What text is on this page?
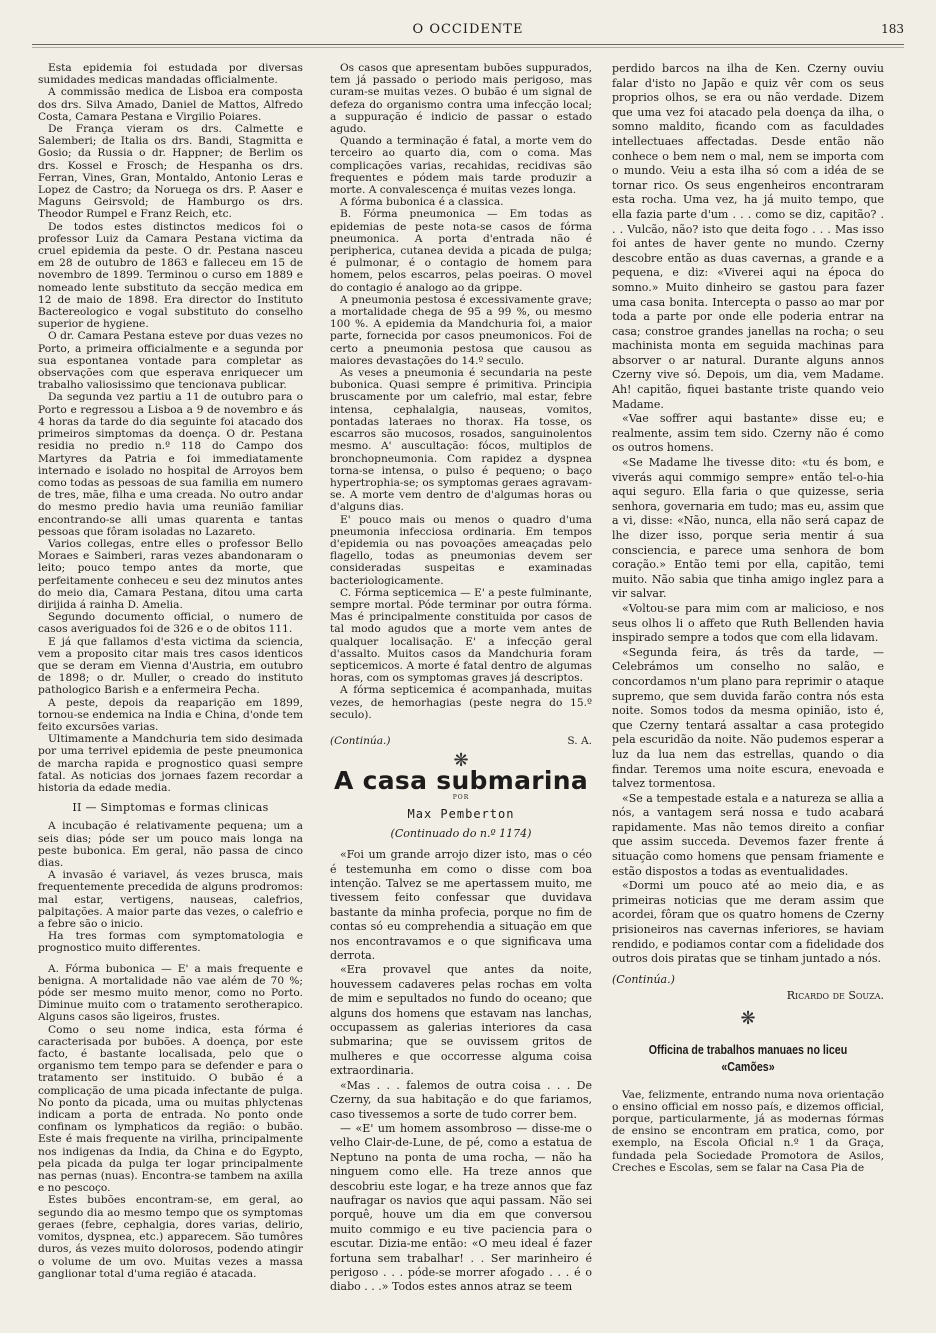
O OCCIDENTE	183

Esta epidemia foi estudada por diversas sumidades medicas mandadas officialmente.

A commissão medica de Lisboa era composta dos drs. Silva Amado, Daniel de Mattos, Alfredo Costa, Camara Pestana e Virgilio Poiares.

De França vieram os drs. Calmette e Salemberi; de Italia os drs. Bandi, Stagmitta e Gosio; da Russia o dr. Happner; de Berlim os drs. Kossel e Frosch; de Hespanha os drs. Ferran, Vines, Gran, Montaldo, Antonio Leras e Lopez de Castro; da Noruega os drs. P. Aaser e Maguns Geirsvold; de Hamburgo os drs. Theodor Rumpel e Franz Reich, etc.

De todos estes distinctos medicos foi o professor Luiz da Camara Pestana victima da cruel epidemia da peste. O dr. Pestana nasceu em 28 de outubro de 1863 e falleceu em 15 de novembro de 1899. Terminou o curso em 1889 e nomeado lente substituto da secção medica em 12 de maio de 1898. Era director do Instituto Bactereologico e vogal substituto do conselho superior de hygiene.

O dr. Camara Pestana esteve por duas vezes no Porto, a primeira officialmente e a segunda por sua espontanea vontade para completar as observações com que esperava enriquecer um trabalho valiosissimo que tencionava publicar.

Da segunda vez partiu a 11 de outubro para o Porto e regressou a Lisboa a 9 de novembro e ás 4 horas da tarde do dia seguinte foi atacado dos primeiros simptomas da doença. O dr. Pestana residia no predio n.º 118 do Campo dos Martyres da Patria e foi immediatamente internado e isolado no hospital de Arroyos bem como todas as pessoas de sua familia em numero de tres, mãe, filha e uma creada. No outro andar do mesmo predio havia uma reunião familiar encontrando-se alli umas quarenta e tantas pessoas que fôram isoladas no Lazareto.

Varios collegas, entre elles o professor Bello Moraes e Saimberi, raras vezes abandonaram o leito; pouco tempo antes da morte, que perfeitamente conheceu e seu dez minutos antes do meio dia, Camara Pestana, ditou uma carta dirijida á rainha D. Amelia.

Segundo documento official, o numero de casos averiguados foi de 326 e o de obitos 111.

E já que fallamos d'esta victima da sciencia, vem a proposito citar mais tres casos identicos que se deram em Vienna d'Austria, em outubro de 1898; o dr. Muller, o creado do instituto pathologico Barish e a enfermeira Pecha.

A peste, depois da reaparição em 1899, tornou-se endemica na India e China, d'onde tem feito excursões varias.

Ultimamente a Mandchuria tem sido desimada por uma terrivel epidemia de peste pneumonica de marcha rapida e prognostico quasi sempre fatal. As noticias dos jornaes fazem recordar a historia da edade media.

II — Simptomas e formas clinicas

A incubação é relativamente pequena; um a seis dias; póde ser um pouco mais longa na peste bubonica. Em geral, não passa de cinco dias.

A invasão é variavel, ás vezes brusca, mais frequentemente precedida de alguns prodromos: mal estar, vertigens, nauseas, calefrios, palpitações. A maior parte das vezes, o calefrio e a febre são o inicio.

Ha tres formas com symptomatologia e prognostico muito differentes.

A. Fórma bubonica — E' a mais frequente e benigna. A mortalidade não vae além de 70 %; póde ser mesmo muito menor, como no Porto. Diminue muito com o tratamento serotherapico. Alguns casos são ligeiros, frustes.

Como o seu nome indica, esta fórma é caracterisada por bubões. A doença, por este facto, é bastante localisada, pelo que o organismo tem tempo para se defender e para o tratamento ser instituido. O bubão é a complicação de uma picada infectante de pulga. No ponto da picada, uma ou muitas phlyctenas indicam a porta de entrada. No ponto onde confinam os lymphaticos da região: o bubão. Este é mais frequente na virilha, principalmente nos indigenas da India, da China e do Egypto, pela picada da pulga ter logar principalmente nas pernas (nuas). Encontra-se tambem na axilla e no pescoço.

Estes bubões encontram-se, em geral, ao segundo dia ao mesmo tempo que os symptomas geraes (febre, cephalgia, dores varias, delirio, vomitos, dyspnea, etc.) apparecem. São tumôres duros, ás vezes muito dolorosos, podendo atingir o volume de um ovo. Muitas vezes a massa ganglionar total d'uma região é atacada.

Os casos que apresentam bubões suppurados, tem já passado o periodo mais perigoso, mas curam-se muitas vezes. O bubão é um signal de defeza do organismo contra uma infecção local; a suppuração é indicio de passar o estado agudo.

Quando a terminação é fatal, a morte vem do terceiro ao quarto dia, com o coma. Mas complicações varias, recahidas, recidivas são frequentes e pódem mais tarde produzir a morte. A convalescença é muitas vezes longa.

A fórma bubonica é a classica.

B. Fórma pneumonica — Em todas as epidemias de peste nota-se casos de fórma pneumonica. A porta d'entrada não é peripherica, cutanea devida a picada de pulga; é pulmonar, é o contagio de homem para homem, pelos escarros, pelas poeiras. O movel do contagio é analogo ao da grippe.

A pneumonia pestosa é excessivamente grave; a mortalidade chega de 95 a 99 %, ou mesmo 100 %. A epidemia da Mandchuria foi, a maior parte, fornecida por casos pneumonicos. Foi de certo a pneumonia pestosa que causou as maiores devastações do 14.º seculo.

As veses a pneumonia é secundaria na peste bubonica. Quasi sempre é primitiva. Principia bruscamente por um calefrio, mal estar, febre intensa, cephalalgia, nauseas, vomitos, pontadas lateraes no thorax. Ha tosse, os escarros são mucosos, rosados, sanguinolentos mesmo. A' auscultação: fócos, multiplos de bronchopneumonia. Com rapidez a dyspnea torna-se intensa, o pulso é pequeno; o baço hypertrophia-se; os symptomas geraes agravam-se. A morte vem dentro de d'algumas horas ou d'alguns dias.

E' pouco mais ou menos o quadro d'uma pneumonia infecciosa ordinaria. Em tempos d'epidemia ou nas povoações ameaçadas pelo flagello, todas as pneumonias devem ser consideradas suspeitas e examinadas bacteriologicamente.

C. Fórma septicemica — E' a peste fulminante, sempre mortal. Póde terminar por outra fórma. Mas é principalmente constituida por casos de tal modo agudos que a morte vem antes de qualquer localisação. E' a infecção geral d'assalto. Muitos casos da Mandchuria foram septicemicos. A morte é fatal dentro de algumas horas, com os symptomas graves já descriptos.

A fórma septicemica é acompanhada, muitas vezes, de hemorhagias (peste negra do 15.º seculo).

(Continúa.)	S. A.
❋
A casa submarina
POR
Max Pemberton
(Continuado do n.º 1174)

«Foi um grande arrojo dizer isto, mas o céo é testemunha em como o disse com boa intenção. Talvez se me apertassem muito, me tivessem feito confessar que duvidava bastante da minha profecia, porque no fim de contas só eu comprehendia a situação em que nos encontravamos e o que significava uma derrota.

«Era provavel que antes da noite, houvessem cadaveres pelas rochas em volta de mim e sepultados no fundo do oceano; que alguns dos homens que estavam nas lanchas, occupassem as galerias interiores da casa submarina; que se ouvissem gritos de mulheres e que occorresse alguma coisa extraordinaria.

«Mas . . . falemos de outra coisa . . . De Czerny, da sua habitação e do que fariamos, caso tivessemos a sorte de tudo correr bem.

— «E' um homem assombroso — disse-me o velho Clair-de-Lune, de pé, como a estatua de Neptuno na ponta de uma rocha, — não ha ninguem como elle. Ha treze annos que descobriu este logar, e ha treze annos que faz naufragar os navios que aqui passam. Não sei porquê, houve um dia em que conversou muito commigo e eu tive paciencia para o escutar. Dizia-me então: «O meu ideal é fazer fortuna sem trabalhar! . . Ser marinheiro é perigoso . . . póde-se morrer afogado . . . é o diabo . . .» Todos estes annos atraz se teem

perdido barcos na ilha de Ken. Czerny ouviu falar d'isto no Japão e quiz vêr com os seus proprios olhos, se era ou não verdade. Dizem que uma vez foi atacado pela doença da ilha, o somno maldito, ficando com as faculdades intellectuaes affectadas. Desde então não conhece o bem nem o mal, nem se importa com o mundo. Veiu a esta ilha só com a idéa de se tornar rico. Os seus engenheiros encontraram esta rocha. Uma vez, ha já muito tempo, que ella fazia parte d'um . . . como se diz, capitão? . . . Vulcão, não? isto que deita fogo . . . Mas isso foi antes de haver gente no mundo. Czerny descobre então as duas cavernas, a grande e a pequena, e diz: «Viverei aqui na época do somno.» Muito dinheiro se gastou para fazer uma casa bonita. Intercepta o passo ao mar por toda a parte por onde elle poderia entrar na casa; constroe grandes janellas na rocha; o seu machinista monta em seguida machinas para absorver o ar natural. Durante alguns annos Czerny vive só. Depois, um dia, vem Madame. Ah! capitão, fiquei bastante triste quando veio Madame.

«Vae soffrer aqui bastante» disse eu; e realmente, assim tem sido. Czerny não é como os outros homens.

«Se Madame lhe tivesse dito: «tu és bom, e viverás aqui commigo sempre» então tel-o-hia aqui seguro. Ella faria o que quizesse, seria senhora, governaria em tudo; mas eu, assim que a vi, disse: «Não, nunca, ella não será capaz de lhe dizer isso, porque seria mentir á sua consciencia, e parece uma senhora de bom coração.» Então temi por ella, capitão, temi muito. Não sabia que tinha amigo inglez para a vir salvar.

«Voltou-se para mim com ar malicioso, e nos seus olhos li o affeto que Ruth Bellenden havia inspirado sempre a todos que com ella lidavam.

«Segunda feira, ás três da tarde, — Celebrámos um conselho no salão, e concordamos n'um plano para reprimir o ataque supremo, que sem duvida farão contra nós esta noite. Somos todos da mesma opinião, isto é, que Czerny tentará assaltar a casa protegido pela escuridão da noite. Não pudemos esperar a luz da lua nem das estrellas, quando o dia findar. Teremos uma noite escura, enevoada e talvez tormentosa.

«Se a tempestade estala e a natureza se allia a nós, a vantagem será nossa e tudo acabará rapidamente. Mas não temos direito a confiar que assim succeda. Devemos fazer frente á situação como homens que pensam friamente e estão dispostos a todas as eventualidades.

«Dormi um pouco até ao meio dia, e as primeiras noticias que me deram assim que acordei, fôram que os quatro homens de Czerny prisioneiros nas cavernas inferiores, se haviam rendido, e podiamos contar com a fidelidade dos outros dois piratas que se tinham juntado a nós.

(Continúa.)
Ricardo de Souza.
❋
Officina de trabalhos manuaes no liceu
«Camões»

Vae, felizmente, entrando numa nova orientação o ensino official em nosso país, e dizemos official, porque, particularmente, já as modernas fórmas de ensino se encontram em pratica, como, por exemplo, na Escola Oficial n.º 1 da Graça, fundada pela Sociedade Promotora de Asilos, Creches e Escolas, sem se falar na Casa Pia de
